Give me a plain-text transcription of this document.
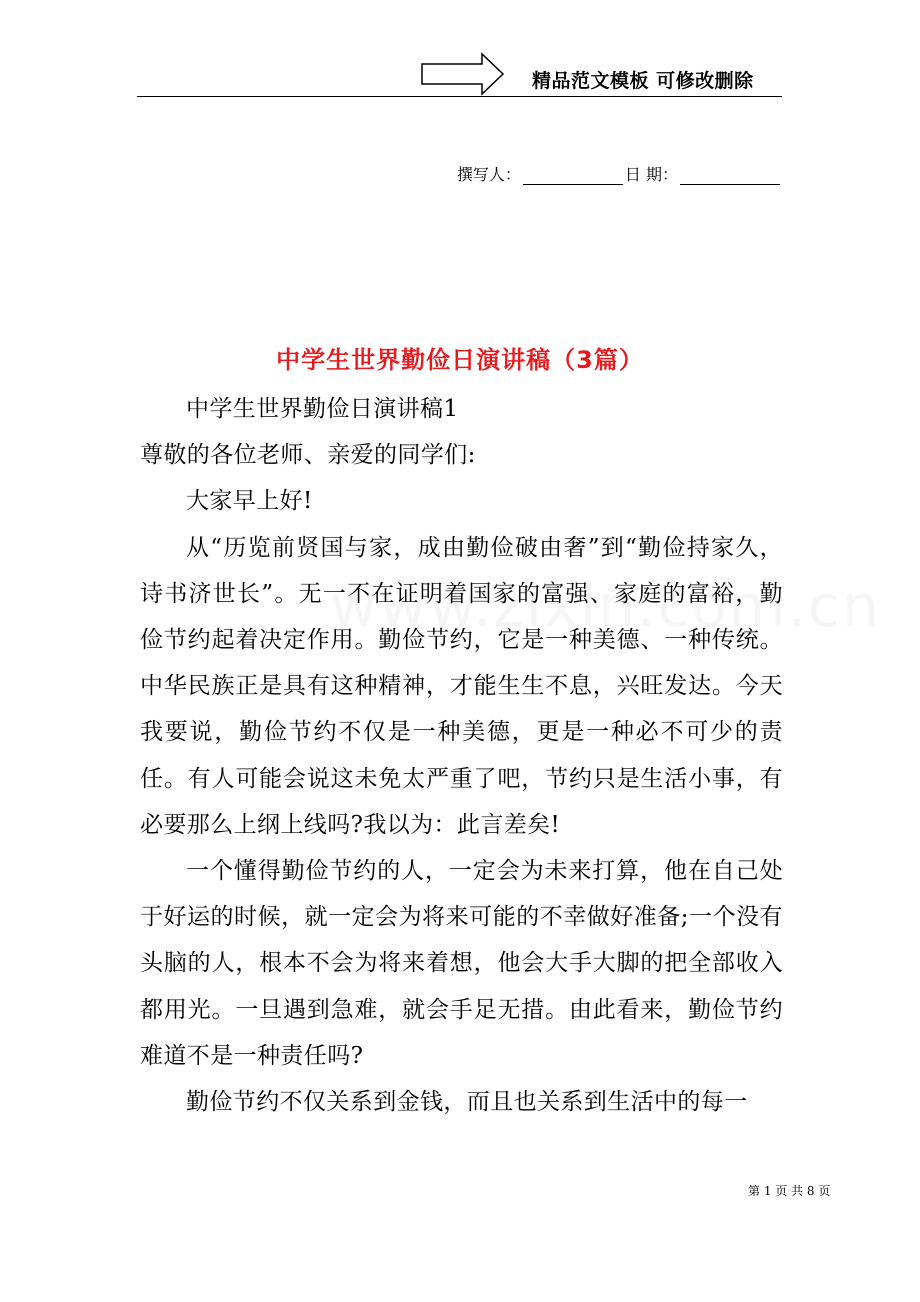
精品范文模板 可修改删除
撰写人：	日 期：
中学生世界勤俭日演讲稿（3篇）

中学生世界勤俭日演讲稿1

尊敬的各位老师、亲爱的同学们:

大家早上好!

从“历览前贤国与家，成由勤俭破由奢”到“勤俭持家久，诗书济世长”。无一不在证明着国家的富强、家庭的富裕，勤俭节约起着决定作用。勤俭节约，它是一种美德、一种传统。中华民族正是具有这种精神，才能生生不息，兴旺发达。今天我要说，勤俭节约不仅是一种美德，更是一种必不可少的责任。有人可能会说这未免太严重了吧，节约只是生活小事，有必要那么上纲上线吗?我以为：此言差矣!

一个懂得勤俭节约的人，一定会为未来打算，他在自己处于好运的时候，就一定会为将来可能的不幸做好准备;一个没有头脑的人，根本不会为将来着想，他会大手大脚的把全部收入都用光。一旦遇到急难，就会手足无措。由此看来，勤俭节约难道不是一种责任吗?

勤俭节约不仅关系到金钱，而且也关系到生活中的每一

第 1 页 共 8 页
